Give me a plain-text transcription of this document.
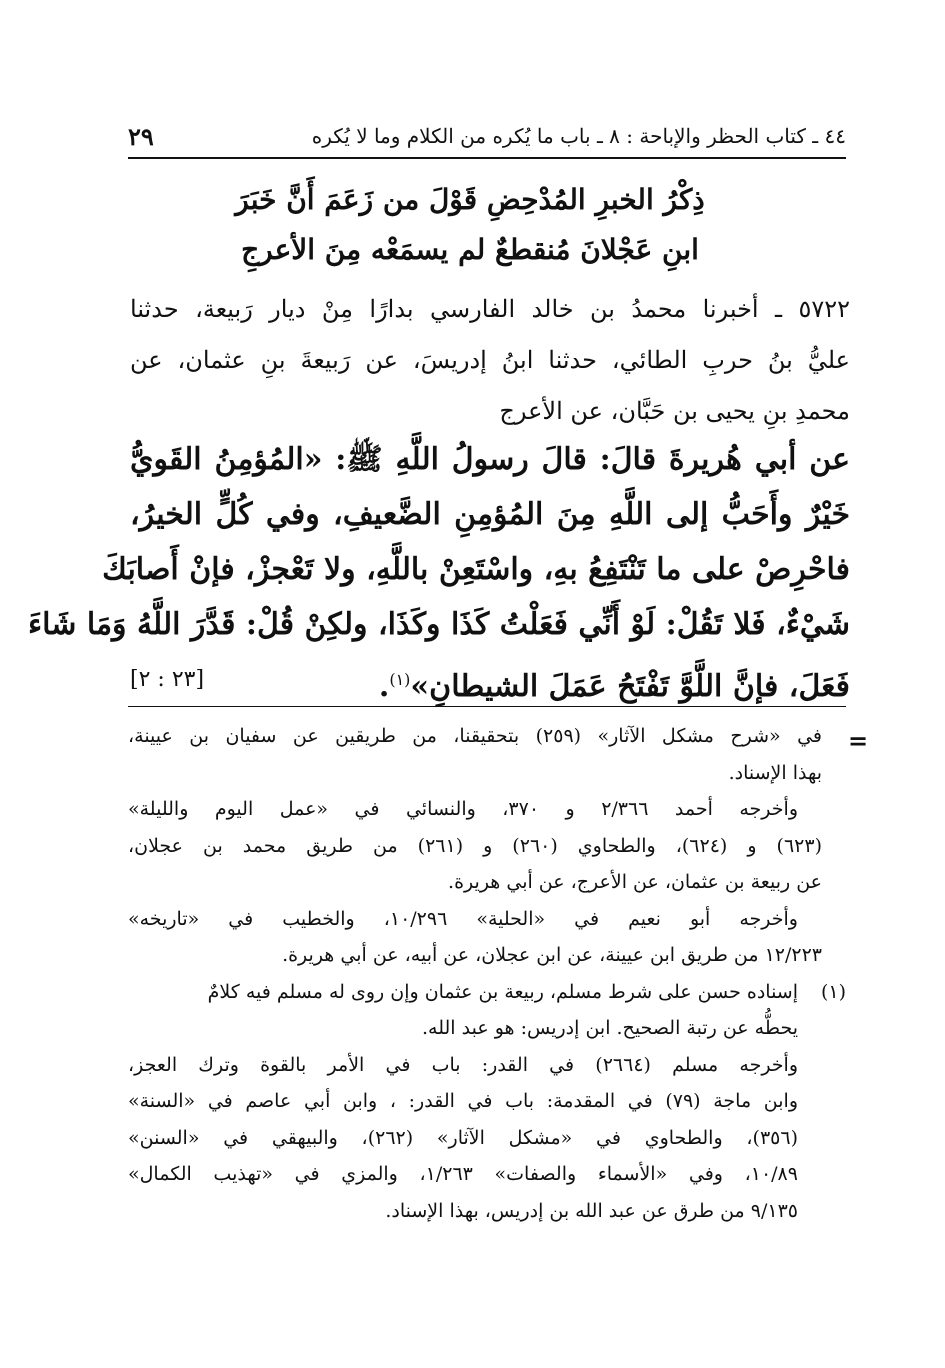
٤٤ ـ كتاب الحظر والإباحة : ٨ ـ باب ما يُكره من الكلام وما لا يُكره
٢٩
ذِكْرُ الخبرِ المُدْحِضِ قَوْلَ من زَعَمَ أَنَّ خَبَرَ
ابنِ عَجْلانَ مُنقطعٌ لم يسمَعْه مِنَ الأعرجِ
٥٧٢٢ ـ أخبرنا محمدُ بن خالد الفارسي بدارًا مِنْ ديار رَبيعة، حدثنا
عليُّ بنُ حربِ الطائي، حدثنا ابنُ إدريسَ، عن رَبيعةَ بنِ عثمان، عن
محمدِ بنِ يحيى بن حَبَّان، عن الأعرج
عن أبي هُريرةَ قالَ: قالَ رسولُ اللَّهِ ﷺ: «المُؤمِنُ القَويُّ
خَيْرٌ وأَحَبُّ إلى اللَّهِ مِنَ المُؤمِنِ الضَّعيفِ، وفي كُلٍّ الخيرُ،
فاحْرِصْ على ما تَنْتَفِعُ بهِ، واسْتَعِنْ باللَّهِ، ولا تَعْجزْ، فإنْ أَصابَكَ
شَيْءٌ، فَلا تَقُلْ: لَوْ أَنِّي فَعَلْتُ كَذَا وكَذَا، ولكِنْ قُلْ: قَدَّرَ اللَّهُ وَمَا شَاءَ
فَعَلَ، فإنَّ اللَّوَّ تَفْتَحُ عَمَلَ الشيطانِ»$^{(١)}$.
[٢٣ : ٢]
=
في «شرح مشكل الآثار» (٢٥٩) بتحقيقنا، من طريقين عن سفيان بن عيينة،
بهذا الإسناد.
وأخرجه أحمد ٢/٣٦٦ و ٣٧٠، والنسائي في «عمل اليوم والليلة»
(٦٢٣) و (٦٢٤)، والطحاوي (٢٦٠) و (٢٦١) من طريق محمد بن عجلان،
عن ربيعة بن عثمان، عن الأعرج، عن أبي هريرة.
وأخرجه أبو نعيم في «الحلية» ١٠/٢٩٦، والخطيب في «تاريخه»
١٢/٢٢٣ من طريق ابن عيينة، عن ابن عجلان، عن أبيه، عن أبي هريرة.
(١)إسناده حسن على شرط مسلم، ربيعة بن عثمان وإن روى له مسلم فيه كلامٌ
يحطُّه عن رتبة الصحيح. ابن إدريس: هو عبد الله.
وأخرجه مسلم (٢٦٦٤) في القدر: باب في الأمر بالقوة وترك العجز،
وابن ماجة (٧٩) في المقدمة: باب في القدر: ، وابن أبي عاصم في «السنة»
(٣٥٦)، والطحاوي في «مشكل الآثار» (٢٦٢)، والبيهقي في «السنن»
١٠/٨٩، وفي «الأسماء والصفات» ١/٢٦٣، والمزي في «تهذيب الكمال»
٩/١٣٥ من طرق عن عبد الله بن إدريس، بهذا الإسناد.
